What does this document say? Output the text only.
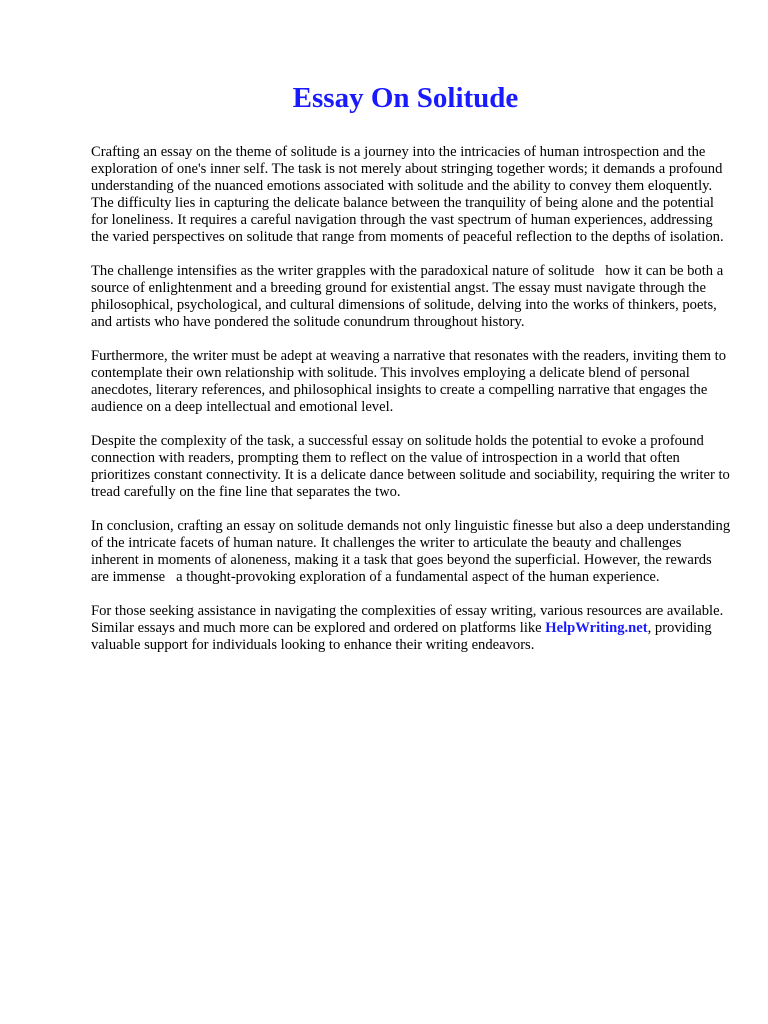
Essay On Solitude

Crafting an essay on the theme of solitude is a journey into the intricacies of human introspection and the exploration of one's inner self. The task is not merely about stringing together words; it demands a profound understanding of the nuanced emotions associated with solitude and the ability to convey them eloquently. The difficulty lies in capturing the delicate balance between the tranquility of being alone and the potential for loneliness. It requires a careful navigation through the vast spectrum of human experiences, addressing the varied perspectives on solitude that range from moments of peaceful reflection to the depths of isolation.

The challenge intensifies as the writer grapples with the paradoxical nature of solitude   how it can be both a source of enlightenment and a breeding ground for existential angst. The essay must navigate through the philosophical, psychological, and cultural dimensions of solitude, delving into the works of thinkers, poets, and artists who have pondered the solitude conundrum throughout history.

Furthermore, the writer must be adept at weaving a narrative that resonates with the readers, inviting them to contemplate their own relationship with solitude. This involves employing a delicate blend of personal anecdotes, literary references, and philosophical insights to create a compelling narrative that engages the audience on a deep intellectual and emotional level.

Despite the complexity of the task, a successful essay on solitude holds the potential to evoke a profound connection with readers, prompting them to reflect on the value of introspection in a world that often prioritizes constant connectivity. It is a delicate dance between solitude and sociability, requiring the writer to tread carefully on the fine line that separates the two.

In conclusion, crafting an essay on solitude demands not only linguistic finesse but also a deep understanding of the intricate facets of human nature. It challenges the writer to articulate the beauty and challenges inherent in moments of aloneness, making it a task that goes beyond the superficial. However, the rewards are immense   a thought-provoking exploration of a fundamental aspect of the human experience.

For those seeking assistance in navigating the complexities of essay writing, various resources are available. Similar essays and much more can be explored and ordered on platforms like HelpWriting.net, providing valuable support for individuals looking to enhance their writing endeavors.
